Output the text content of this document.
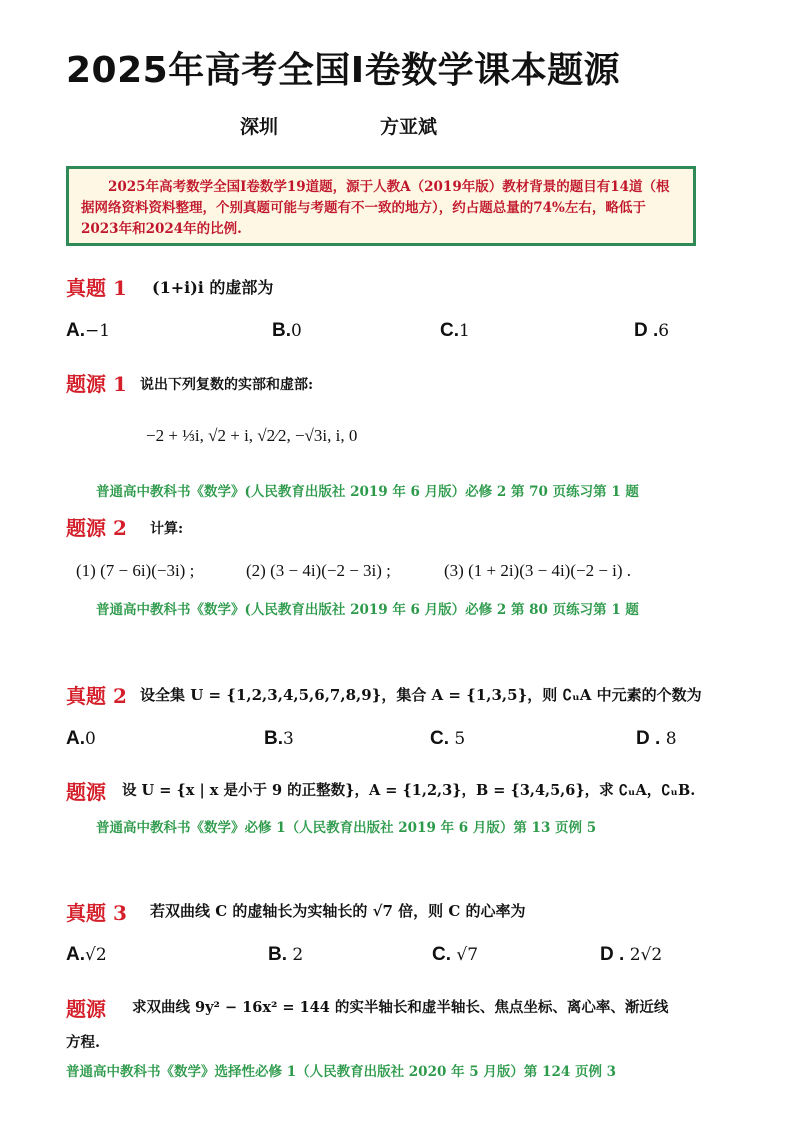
2025年高考全国Ⅰ卷数学课本题源
深圳	方亚斌
2025年高考数学全国Ⅰ卷数学19道题，源于人教A（2019年版）教材背景的题目有14道（根据网络资料资料整理，个别真题可能与考题有不一致的地方），约占题总量的74%左右，略低于2023年和2024年的比例.
真题 1 (1+i)i 的虚部为
A.−1	B.0	C.1	D .6
题源 1 说出下列复数的实部和虚部:
−2 + ⅓i, √2 + i, √2⁄2, −√3i, i, 0
普通高中教科书《数学》(人民教育出版社 2019 年 6 月版）必修 2 第 70 页练习第 1 题
题源 2 计算:
(1) (7 − 6i)(−3i) ;	(2) (3 − 4i)(−2 − 3i) ;	(3) (1 + 2i)(3 − 4i)(−2 − i) .
普通高中教科书《数学》(人民教育出版社 2019 年 6 月版）必修 2 第 80 页练习第 1 题
真题 2 设全集 U = {1,2,3,4,5,6,7,8,9}，集合 A = {1,3,5}，则 ∁ᵤA 中元素的个数为
A.0	B.3	C. 5	D . 8
题源 设 U = {x | x 是小于 9 的正整数}，A = {1,2,3}，B = {3,4,5,6}，求 ∁ᵤA，∁ᵤB.
普通高中教科书《数学》必修 1（人民教育出版社 2019 年 6 月版）第 13 页例 5
真题 3 若双曲线 C 的虚轴长为实轴长的 √7 倍，则 C 的心率为
A.√2	B. 2	C. √7	D . 2√2
题源 求双曲线 9y² − 16x² = 144 的实半轴长和虚半轴长、焦点坐标、离心率、渐近线
方程.
普通高中教科书《数学》选择性必修 1（人民教育出版社 2020 年 5 月版）第 124 页例 3
